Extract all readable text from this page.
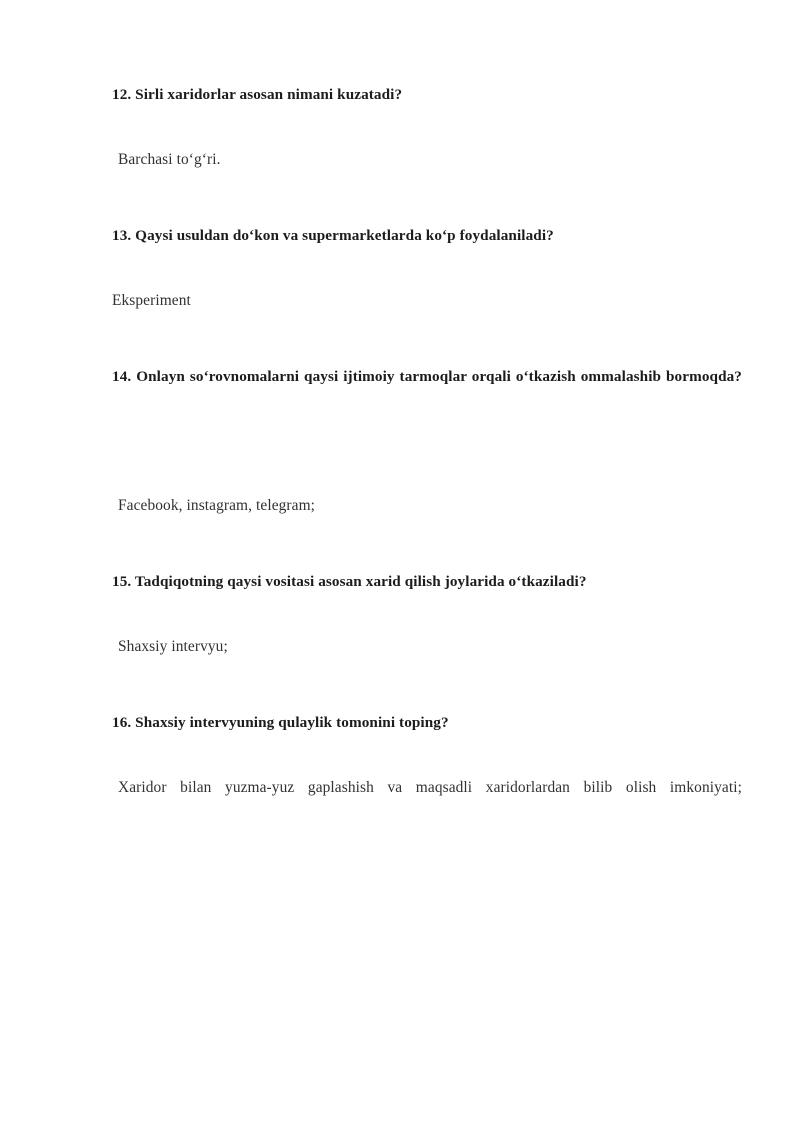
12. Sirli xaridorlar asosan nimani kuzatadi?

Barchasi toʻgʻri.

13. Qaysi usuldan doʻkon va supermarketlarda koʻp foydalaniladi?

Eksperiment

14. Onlayn soʻrovnomalarni qaysi ijtimoiy tarmoqlar orqali oʻtkazish ommalashib bormoqda?

Facebook, instagram, telegram;

15. Tadqiqotning qaysi vositasi asosan xarid qilish joylarida oʻtkaziladi?

Shaxsiy intervyu;

16. Shaxsiy intervyuning qulaylik tomonini toping?

Xaridor bilan yuzma-yuz gaplashish va maqsadli xaridorlardan bilib olish imkoniyati;
